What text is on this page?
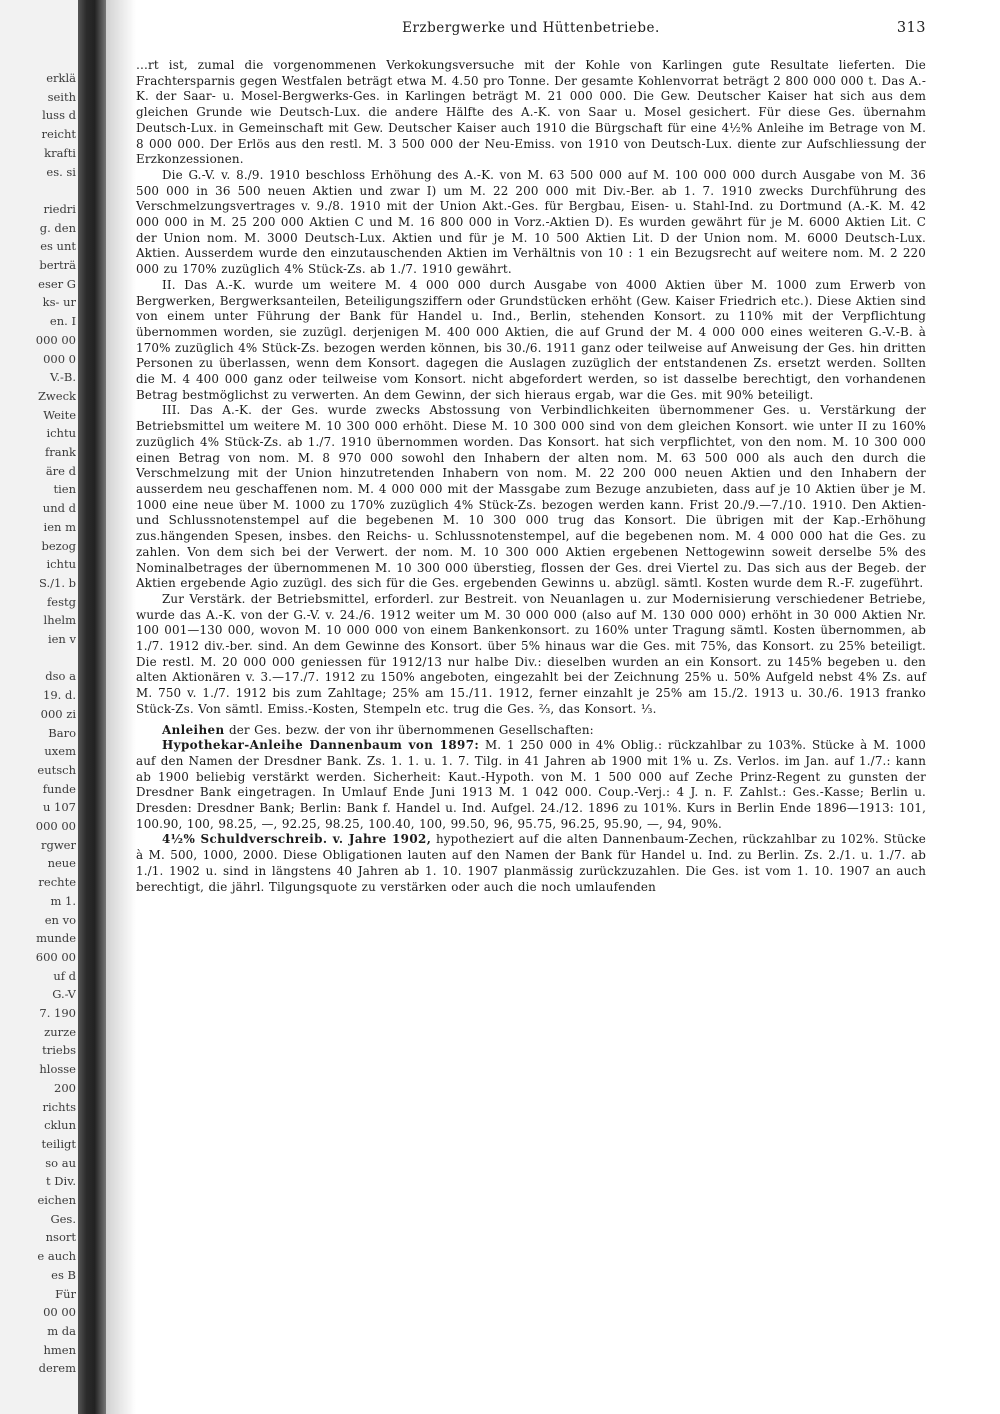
erklä
seith
luss d
reicht
krafti
es. si
riedri
g. den
es unt
berträ
eser G
ks- ur
en. I
000 00
000 0
V.-B.
Zweck
Weite
ichtu
frank
äre d
tien
und d
ien m
bezog
ichtu
S./1. b
festg
lhelm
ien v
dso a
19. d.
000 zi
Baro
uxem
eutsch
funde
u 107
000 00
rgwer
neue
rechte
m 1.
en vo
munde
600 00
uf d
G.-V
7. 190
zurze
triebs
hlosse
200
richts
cklun
teiligt
so au
t Div.
eichen
Ges.
nsort
e auch
es B
Für
00 00
m da
hmen
derem
Erzbergwerke und Hüttenbetriebe.	313

…rt ist, zumal die vorgenommenen Verkokungsversuche mit der Kohle von Karlingen gute Resultate lieferten. Die Frachtersparnis gegen Westfalen beträgt etwa M. 4.50 pro Tonne. Der gesamte Kohlenvorrat beträgt 2 800 000 000 t. Das A.-K. der Saar- u. Mosel-Bergwerks-Ges. in Karlingen beträgt M. 21 000 000. Die Gew. Deutscher Kaiser hat sich aus dem gleichen Grunde wie Deutsch-Lux. die andere Hälfte des A.-K. von Saar u. Mosel gesichert. Für diese Ges. übernahm Deutsch-Lux. in Gemeinschaft mit Gew. Deutscher Kaiser auch 1910 die Bürgschaft für eine 4½% Anleihe im Betrage von M. 8 000 000. Der Erlös aus den restl. M. 3 500 000 der Neu-Emiss. von 1910 von Deutsch-Lux. diente zur Aufschliessung der Erzkonzessionen.

Die G.-V. v. 8./9. 1910 beschloss Erhöhung des A.-K. von M. 63 500 000 auf M. 100 000 000 durch Ausgabe von M. 36 500 000 in 36 500 neuen Aktien und zwar I) um M. 22 200 000 mit Div.-Ber. ab 1. 7. 1910 zwecks Durchführung des Verschmelzungsvertrages v. 9./8. 1910 mit der Union Akt.-Ges. für Bergbau, Eisen- u. Stahl-Ind. zu Dortmund (A.-K. M. 42 000 000 in M. 25 200 000 Aktien C und M. 16 800 000 in Vorz.-Aktien D). Es wurden gewährt für je M. 6000 Aktien Lit. C der Union nom. M. 3000 Deutsch-Lux. Aktien und für je M. 10 500 Aktien Lit. D der Union nom. M. 6000 Deutsch-Lux. Aktien. Ausserdem wurde den einzutauschenden Aktien im Verhältnis von 10 : 1 ein Bezugsrecht auf weitere nom. M. 2 220 000 zu 170% zuzüglich 4% Stück-Zs. ab 1./7. 1910 gewährt.

II. Das A.-K. wurde um weitere M. 4 000 000 durch Ausgabe von 4000 Aktien über M. 1000 zum Erwerb von Bergwerken, Bergwerksanteilen, Beteiligungsziffern oder Grundstücken erhöht (Gew. Kaiser Friedrich etc.). Diese Aktien sind von einem unter Führung der Bank für Handel u. Ind., Berlin, stehenden Konsort. zu 110% mit der Verpflichtung übernommen worden, sie zuzügl. derjenigen M. 400 000 Aktien, die auf Grund der M. 4 000 000 eines weiteren G.-V.-B. à 170% zuzüglich 4% Stück-Zs. bezogen werden können, bis 30./6. 1911 ganz oder teilweise auf Anweisung der Ges. hin dritten Personen zu überlassen, wenn dem Konsort. dagegen die Auslagen zuzüglich der entstandenen Zs. ersetzt werden. Sollten die M. 4 400 000 ganz oder teilweise vom Konsort. nicht abgefordert werden, so ist dasselbe berechtigt, den vorhandenen Betrag bestmöglichst zu verwerten. An dem Gewinn, der sich hieraus ergab, war die Ges. mit 90% beteiligt.

III. Das A.-K. der Ges. wurde zwecks Abstossung von Verbindlichkeiten übernommener Ges. u. Verstärkung der Betriebsmittel um weitere M. 10 300 000 erhöht. Diese M. 10 300 000 sind von dem gleichen Konsort. wie unter II zu 160% zuzüglich 4% Stück-Zs. ab 1./7. 1910 übernommen worden. Das Konsort. hat sich verpflichtet, von den nom. M. 10 300 000 einen Betrag von nom. M. 8 970 000 sowohl den Inhabern der alten nom. M. 63 500 000 als auch den durch die Verschmelzung mit der Union hinzutretenden Inhabern von nom. M. 22 200 000 neuen Aktien und den Inhabern der ausserdem neu geschaffenen nom. M. 4 000 000 mit der Massgabe zum Bezuge anzubieten, dass auf je 10 Aktien über je M. 1000 eine neue über M. 1000 zu 170% zuzüglich 4% Stück-Zs. bezogen werden kann. Frist 20./9.—7./10. 1910. Den Aktien- und Schlussnotenstempel auf die begebenen M. 10 300 000 trug das Konsort. Die übrigen mit der Kap.-Erhöhung zus.hängenden Spesen, insbes. den Reichs- u. Schlussnotenstempel, auf die begebenen nom. M. 4 000 000 hat die Ges. zu zahlen. Von dem sich bei der Verwert. der nom. M. 10 300 000 Aktien ergebenen Nettogewinn soweit derselbe 5% des Nominalbetrages der übernommenen M. 10 300 000 überstieg, flossen der Ges. drei Viertel zu. Das sich aus der Begeb. der Aktien ergebende Agio zuzügl. des sich für die Ges. ergebenden Gewinns u. abzügl. sämtl. Kosten wurde dem R.-F. zugeführt.

Zur Verstärk. der Betriebsmittel, erforderl. zur Bestreit. von Neuanlagen u. zur Modernisierung verschiedener Betriebe, wurde das A.-K. von der G.-V. v. 24./6. 1912 weiter um M. 30 000 000 (also auf M. 130 000 000) erhöht in 30 000 Aktien Nr. 100 001—130 000, wovon M. 10 000 000 von einem Bankenkonsort. zu 160% unter Tragung sämtl. Kosten übernommen, ab 1./7. 1912 div.-ber. sind. An dem Gewinne des Konsort. über 5% hinaus war die Ges. mit 75%, das Konsort. zu 25% beteiligt. Die restl. M. 20 000 000 geniessen für 1912/13 nur halbe Div.: dieselben wurden an ein Konsort. zu 145% begeben u. den alten Aktionären v. 3.—17./7. 1912 zu 150% angeboten, eingezahlt bei der Zeichnung 25% u. 50% Aufgeld nebst 4% Zs. auf M. 750 v. 1./7. 1912 bis zum Zahltage; 25% am 15./11. 1912, ferner einzahlt je 25% am 15./2. 1913 u. 30./6. 1913 franko Stück-Zs. Von sämtl. Emiss.-Kosten, Stempeln etc. trug die Ges. ⅔, das Konsort. ⅓.

Anleihen der Ges. bezw. der von ihr übernommenen Gesellschaften:

Hypothekar-Anleihe Dannenbaum von 1897: M. 1 250 000 in 4% Oblig.: rückzahlbar zu 103%. Stücke à M. 1000 auf den Namen der Dresdner Bank. Zs. 1. 1. u. 1. 7. Tilg. in 41 Jahren ab 1900 mit 1% u. Zs. Verlos. im Jan. auf 1./7.: kann ab 1900 beliebig verstärkt werden. Sicherheit: Kaut.-Hypoth. von M. 1 500 000 auf Zeche Prinz-Regent zu gunsten der Dresdner Bank eingetragen. In Umlauf Ende Juni 1913 M. 1 042 000. Coup.-Verj.: 4 J. n. F. Zahlst.: Ges.-Kasse; Berlin u. Dresden: Dresdner Bank; Berlin: Bank f. Handel u. Ind. Aufgel. 24./12. 1896 zu 101%. Kurs in Berlin Ende 1896—1913: 101, 100.90, 100, 98.25, —, 92.25, 98.25, 100.40, 100, 99.50, 96, 95.75, 96.25, 95.90, —, 94, 90%.

4½% Schuldverschreib. v. Jahre 1902, hypotheziert auf die alten Dannenbaum-Zechen, rückzahlbar zu 102%. Stücke à M. 500, 1000, 2000. Diese Obligationen lauten auf den Namen der Bank für Handel u. Ind. zu Berlin. Zs. 2./1. u. 1./7. ab 1./1. 1902 u. sind in längstens 40 Jahren ab 1. 10. 1907 planmässig zurückzuzahlen. Die Ges. ist vom 1. 10. 1907 an auch berechtigt, die jährl. Tilgungsquote zu verstärken oder auch die noch umlaufenden
